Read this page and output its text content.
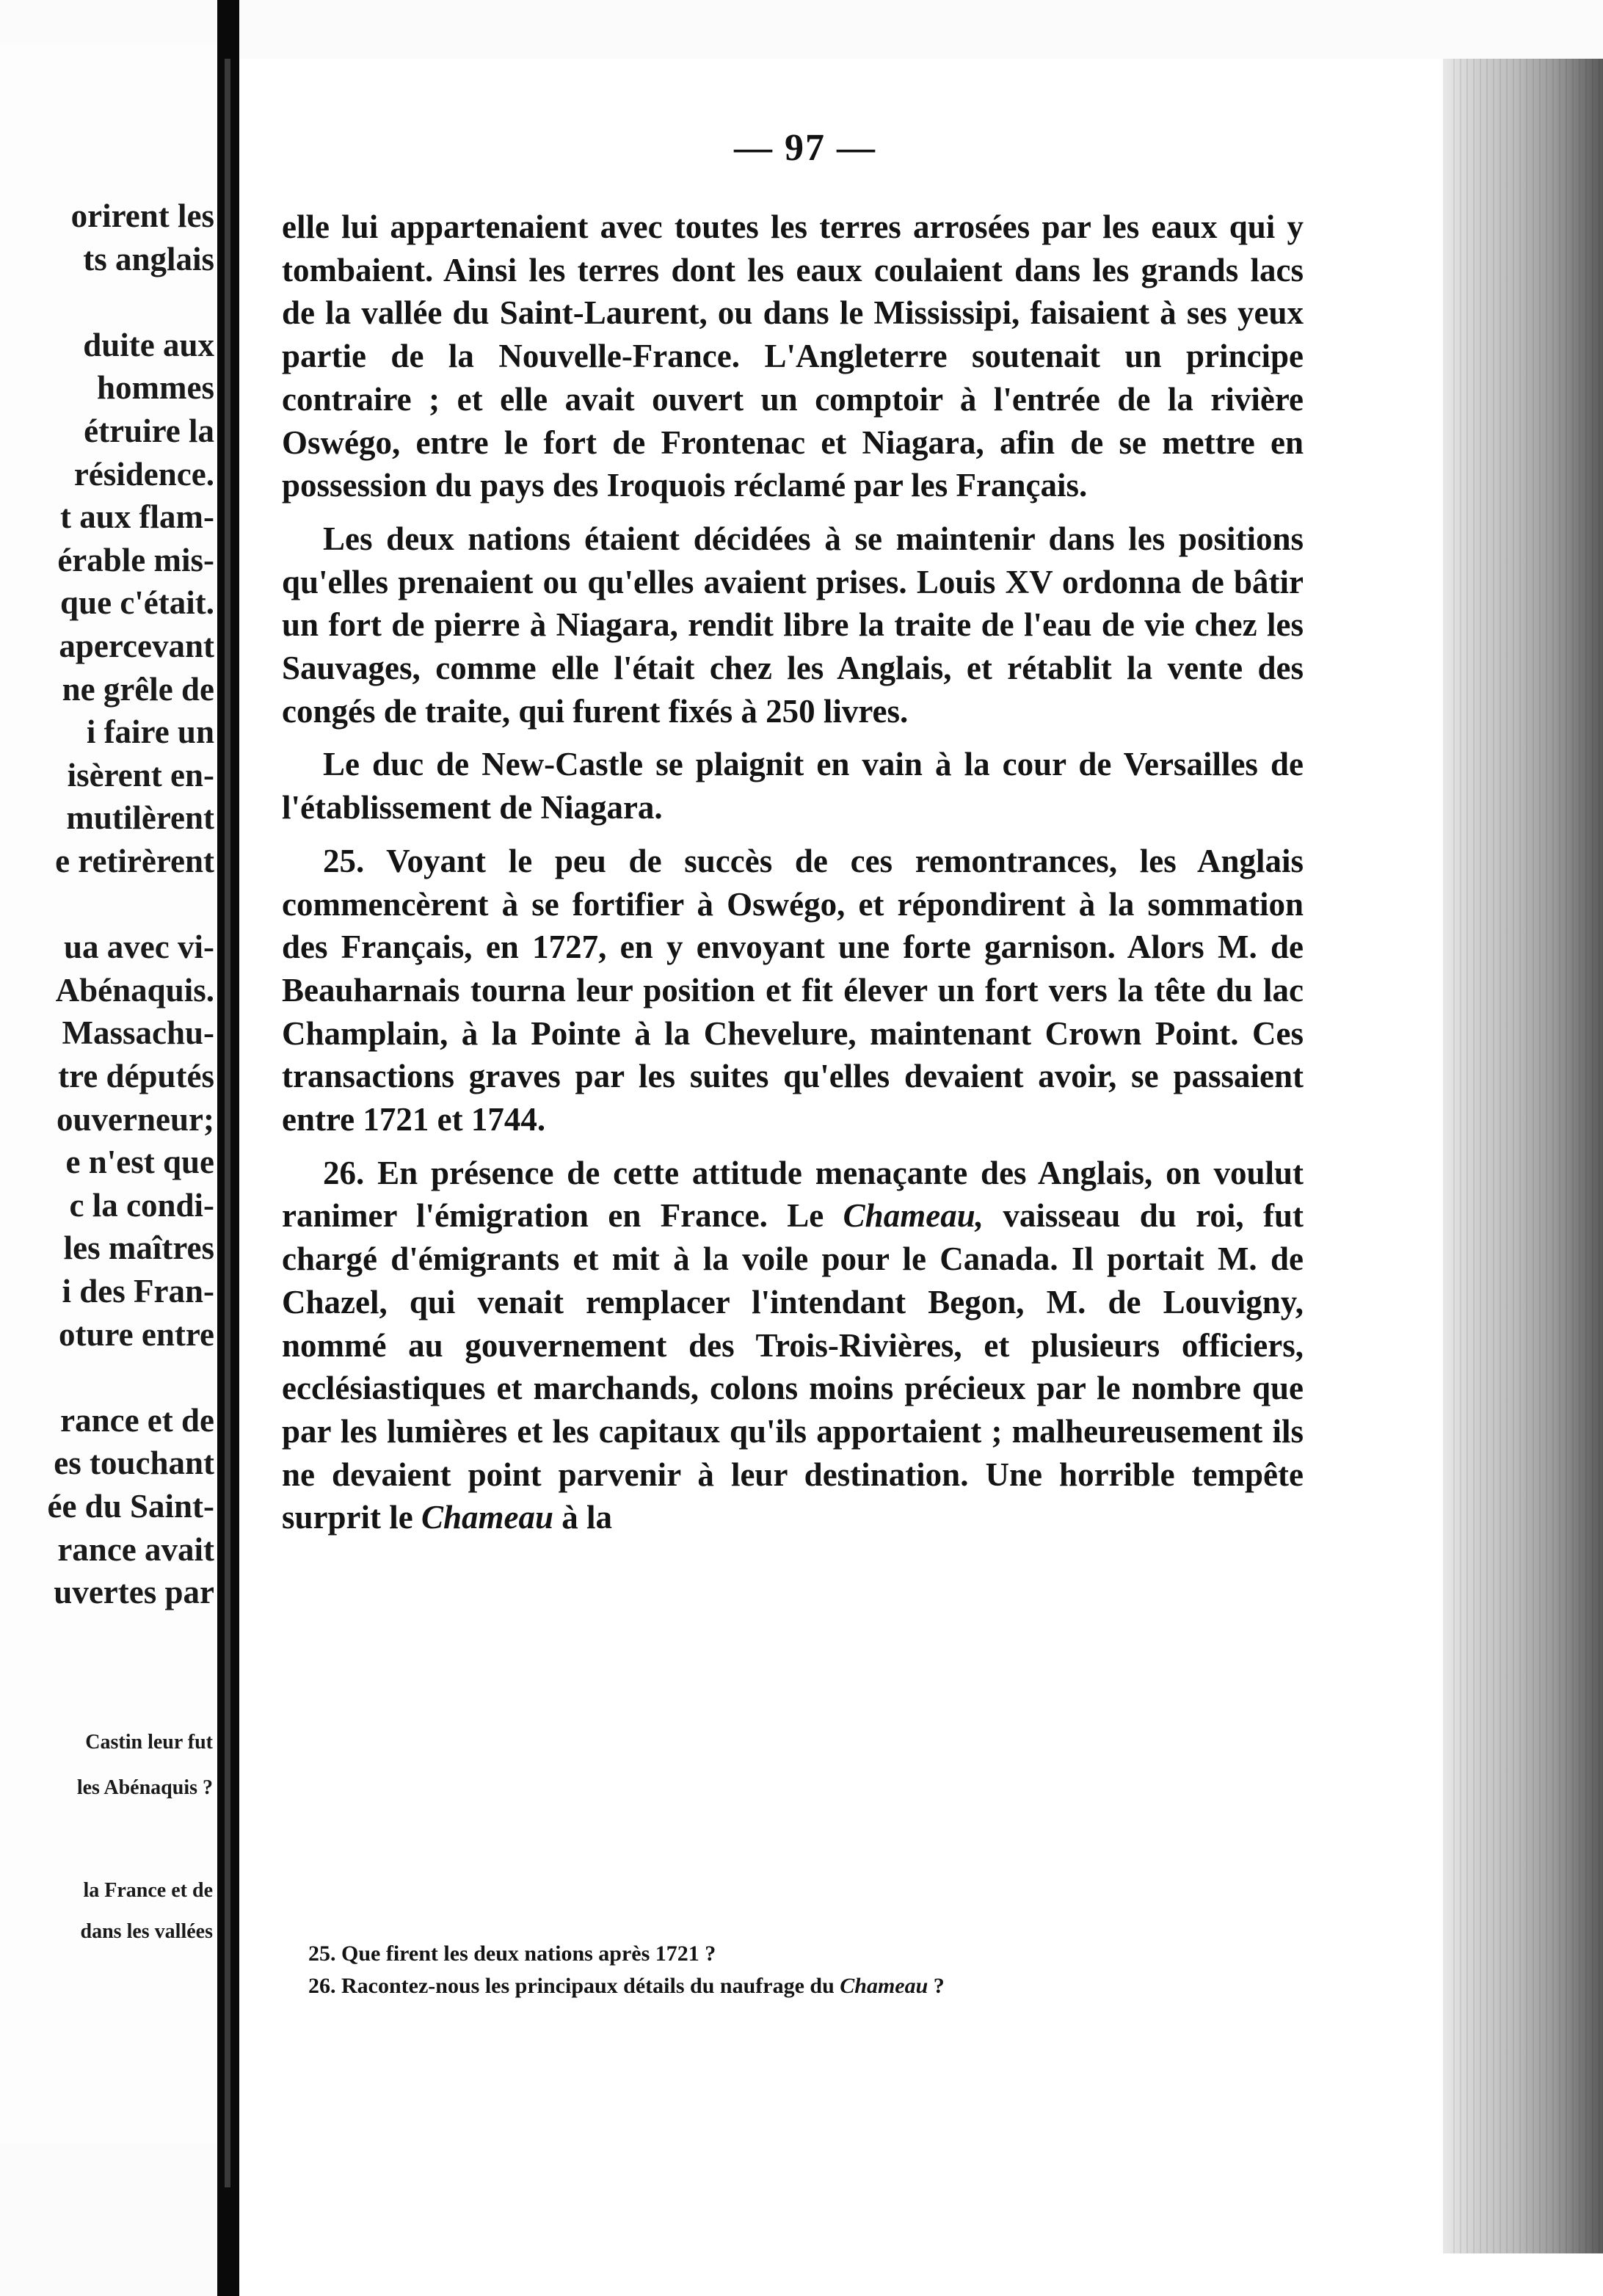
orirent les
ts anglais
duite aux
hommes
étruire la
résidence.
t aux flam-
érable mis-
que c'était.
apercevant
ne grêle de
i faire un
isèrent en-
mutilèrent
e retirèrent
ua avec vi-
Abénaquis.
Massachu-
tre députés
ouverneur;
e n'est que
c la condi-
les maîtres
i des Fran-
oture entre
rance et de
es touchant
ée du Saint-
rance avait
uvertes par
Castin leur fut
les Abénaquis ?
la France et de
dans les vallées
— 97 —

elle lui appartenaient avec toutes les terres arrosées par les eaux qui y tombaient. Ainsi les terres dont les eaux coulaient dans les grands lacs de la vallée du Saint-Laurent, ou dans le Mississipi, faisaient à ses yeux partie de la Nouvelle-France. L'Angleterre soutenait un principe contraire ; et elle avait ouvert un comptoir à l'entrée de la rivière Oswégo, entre le fort de Frontenac et Niagara, afin de se mettre en possession du pays des Iroquois réclamé par les Français.

Les deux nations étaient décidées à se maintenir dans les positions qu'elles prenaient ou qu'elles avaient prises. Louis XV ordonna de bâtir un fort de pierre à Niagara, rendit libre la traite de l'eau de vie chez les Sauvages, comme elle l'était chez les Anglais, et rétablit la vente des congés de traite, qui furent fixés à 250 livres.

Le duc de New-Castle se plaignit en vain à la cour de Versailles de l'établissement de Niagara.

25. Voyant le peu de succès de ces remontrances, les Anglais commencèrent à se fortifier à Oswégo, et répondirent à la sommation des Français, en 1727, en y envoyant une forte garnison. Alors M. de Beauharnais tourna leur position et fit élever un fort vers la tête du lac Champlain, à la Pointe à la Chevelure, maintenant Crown Point. Ces transactions graves par les suites qu'elles devaient avoir, se passaient entre 1721 et 1744.

26. En présence de cette attitude menaçante des Anglais, on voulut ranimer l'émigration en France. Le Chameau, vaisseau du roi, fut chargé d'émigrants et mit à la voile pour le Canada. Il portait M. de Chazel, qui venait remplacer l'intendant Begon, M. de Louvigny, nommé au gouvernement des Trois-Rivières, et plusieurs officiers, ecclésiastiques et marchands, colons moins précieux par le nombre que par les lumières et les capitaux qu'ils apportaient ; malheureusement ils ne devaient point parvenir à leur destination. Une horrible tempête surprit le Chameau à la

25. Que firent les deux nations après 1721 ?
26. Racontez-nous les principaux détails du naufrage du Chameau ?
